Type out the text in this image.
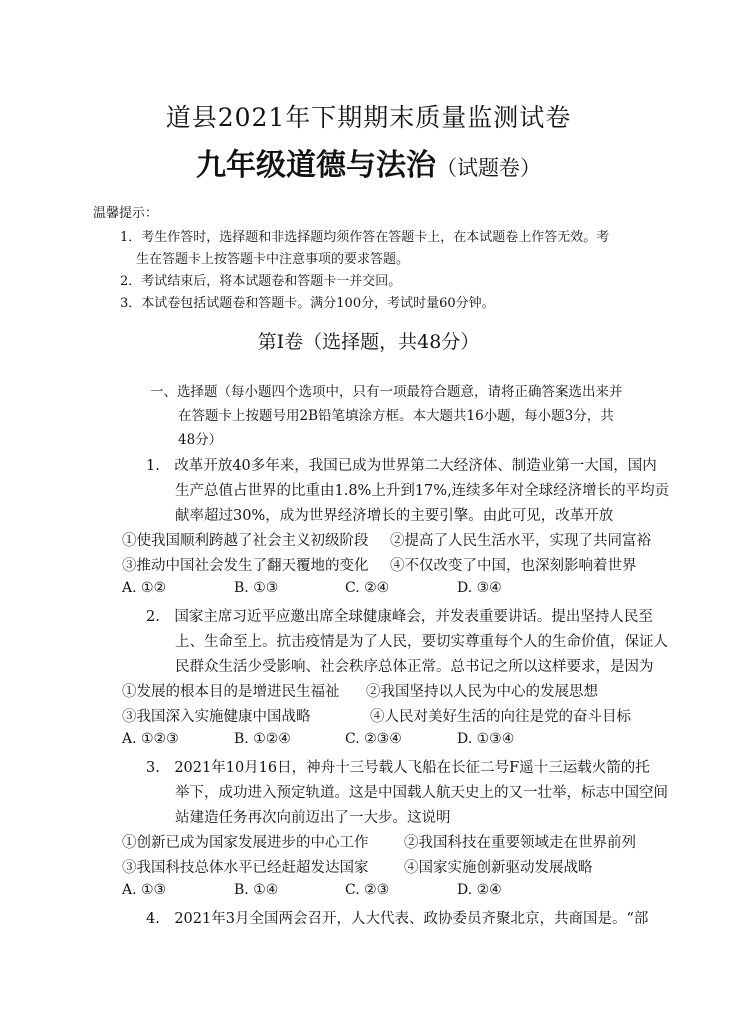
道县2021年下期期末质量监测试卷
九年级道德与法治（试题卷）
温馨提示：
1．考生作答时，选择题和非选择题均须作答在答题卡上，在本试题卷上作答无效。考
生在答题卡上按答题卡中注意事项的要求答题。
2．考试结束后，将本试题卷和答题卡一并交回。
3．本试卷包括试题卷和答题卡。满分100分，考试时量60分钟。
第Ⅰ卷（选择题，共48分）
一、选择题（每小题四个选项中，只有一项最符合题意，请将正确答案选出来并
在答题卡上按题号用2B铅笔填涂方框。本大题共16小题，每小题3分，共
48分）
1.　改革开放40多年来，我国已成为世界第二大经济体、制造业第一大国，国内
生产总值占世界的比重由1.8%上升到17%,连续多年对全球经济增长的平均贡
献率超过30%，成为世界经济增长的主要引擎。由此可见，改革开放
①使我国顺利跨越了社会主义初级阶段 ②提高了人民生活水平，实现了共同富裕
③推动中国社会发生了翻天覆地的变化 ④不仅改变了中国，也深刻影响着世界
A. ①②	B. ①③	C. ②④	D. ③④
2.　国家主席习近平应邀出席全球健康峰会，并发表重要讲话。提出坚持人民至
上、生命至上。抗击疫情是为了人民，要切实尊重每个人的生命价值，保证人
民群众生活少受影响、社会秩序总体正常。总书记之所以这样要求，是因为
①发展的根本目的是增进民生福祉 ②我国坚持以人民为中心的发展思想
③我国深入实施健康中国战略	④人民对美好生活的向往是党的奋斗目标
A. ①②③	B. ①②④	C. ②③④	D. ①③④
3.　2021年10月16日，神舟十三号载人飞船在长征二号F遥十三运载火箭的托
举下，成功进入预定轨道。这是中国载人航天史上的又一壮举，标志中国空间
站建造任务再次向前迈出了一大步。这说明
①创新已成为国家发展进步的中心工作 ②我国科技在重要领域走在世界前列
③我国科技总体水平已经赶超发达国家 ④国家实施创新驱动发展战略
A. ①③	B. ①④	C. ②③	D. ②④
4.　2021年3月全国两会召开，人大代表、政协委员齐聚北京，共商国是。“部
